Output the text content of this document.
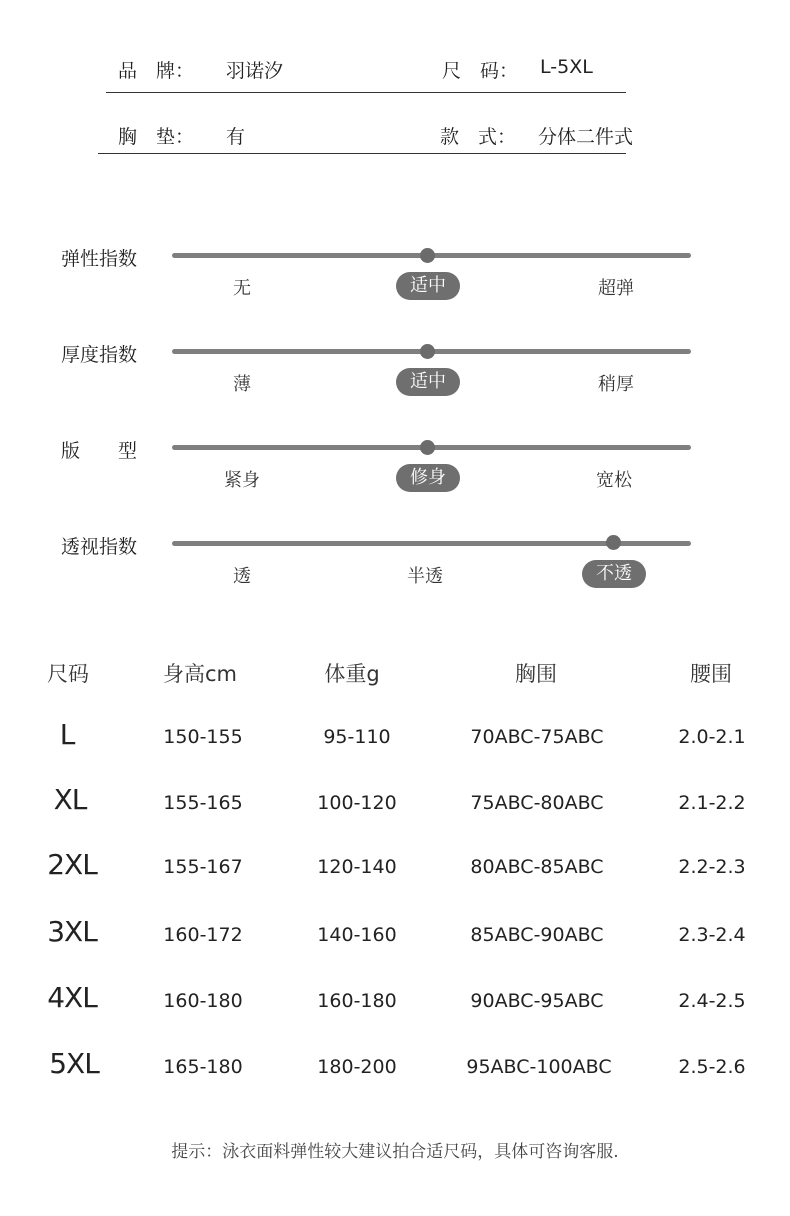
品　牌： 羽诺汐	尺　码： L-5XL
胸　垫： 有	款　式： 分体二件式
弹性指数
无	适中	超弹
厚度指数
薄	适中	稍厚
版　　型
紧身	修身	宽松
透视指数
透	半透	不透
尺码	身高cm	体重g	胸围	腰围
L	150-155	95-110	70ABC-75ABC	2.0-2.1
XL	155-165	100-120	75ABC-80ABC	2.1-2.2
2XL	155-167	120-140	80ABC-85ABC	2.2-2.3
3XL	160-172	140-160	85ABC-90ABC	2.3-2.4
4XL	160-180	160-180	90ABC-95ABC	2.4-2.5
5XL	165-180	180-200	95ABC-100ABC	2.5-2.6
提示：泳衣面料弹性较大建议拍合适尺码，具体可咨询客服.
